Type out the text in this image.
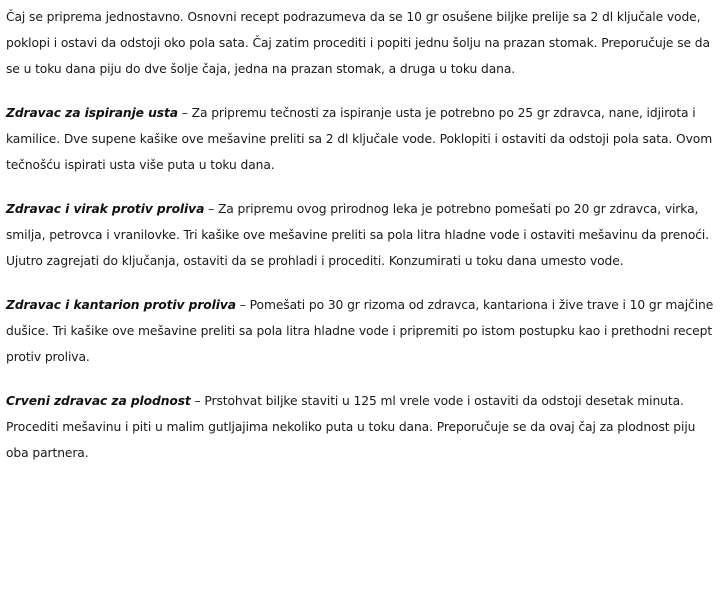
Čaj se priprema jednostavno. Osnovni recept podrazumeva da se 10 gr osušene biljke prelije sa 2 dl ključale vode, poklopi i ostavi da odstoji oko pola sata. Čaj zatim procediti i popiti jednu šolju na prazan stomak. Preporučuje se da se u toku dana piju do dve šolje čaja, jedna na prazan stomak, a druga u toku dana.

Zdravac za ispiranje usta – Za pripremu tečnosti za ispiranje usta je potrebno po 25 gr zdravca, nane, idjirota i kamilice. Dve supene kašike ove mešavine preliti sa 2 dl ključale vode. Poklopiti i ostaviti da odstoji pola sata. Ovom tečnošću ispirati usta više puta u toku dana.

Zdravac i virak protiv proliva – Za pripremu ovog prirodnog leka je potrebno pomešati po 20 gr zdravca, virka, smilja, petrovca i vranilovke. Tri kašike ove mešavine preliti sa pola litra hladne vode i ostaviti mešavinu da prenoći. Ujutro zagrejati do ključanja, ostaviti da se prohladi i procediti. Konzumirati u toku dana umesto vode.

Zdravac i kantarion protiv proliva – Pomešati po 30 gr rizoma od zdravca, kantariona i žive trave i 10 gr majčine dušice. Tri kašike ove mešavine preliti sa pola litra hladne vode i pripremiti po istom postupku kao i prethodni recept protiv proliva.

Crveni zdravac za plodnost – Prstohvat biljke staviti u 125 ml vrele vode i ostaviti da odstoji desetak minuta. Procediti mešavinu i piti u malim gutljajima nekoliko puta u toku dana. Preporučuje se da ovaj čaj za plodnost piju oba partnera.
